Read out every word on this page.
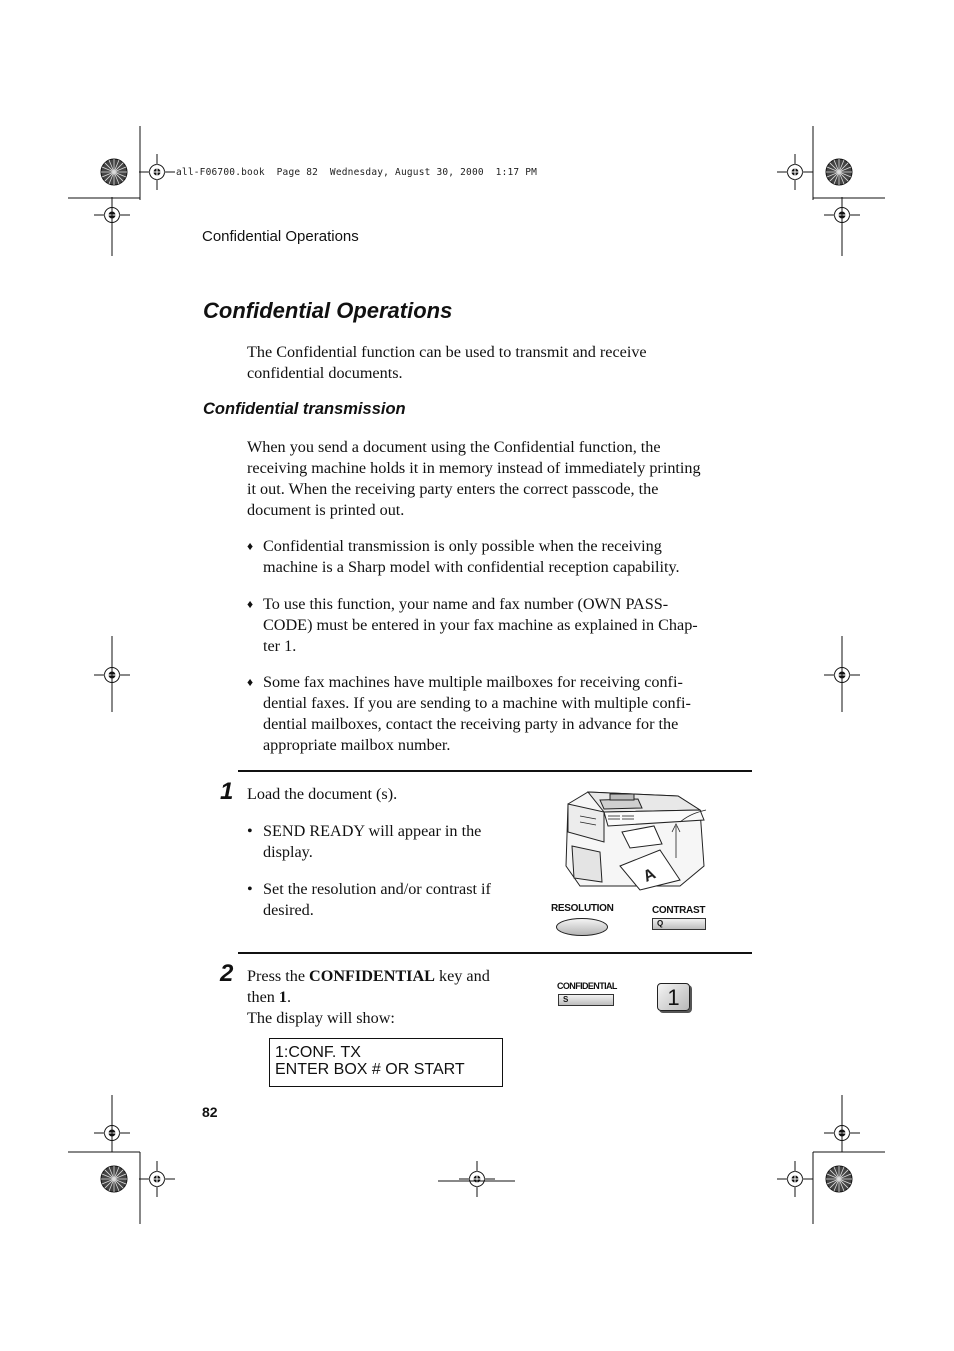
all-F06700.book  Page 82  Wednesday, August 30, 2000  1:17 PM
Confidential Operations
Confidential Operations
The Confidential function can be used to transmit and receive
confidential documents.
Confidential transmission
When you send a document using the Confidential function, the
receiving machine holds it in memory instead of immediately printing
it out. When the receiving party enters the correct passcode, the
document is printed out.
♦ Confidential transmission is only possible when the receiving
machine is a Sharp model with confidential reception capability.
♦ To use this function, your name and fax number (OWN PASS-
CODE) must be entered in your fax machine as explained in Chap-
ter 1.
♦ Some fax machines have multiple mailboxes for receiving confi-
dential faxes. If you are sending to a machine with multiple confi-
dential mailboxes, contact the receiving party in advance for the
appropriate mailbox number.
1 Load the document (s).
• SEND READY will appear in the
display.
• Set the resolution and/or contrast if
desired.
A
RESOLUTION	CONTRAST
Q
2 Press the CONFIDENTIAL key and
then 1.
The display will show:
CONFIDENTIAL
S	1
1:CONF. TX
ENTER BOX # OR START
82
